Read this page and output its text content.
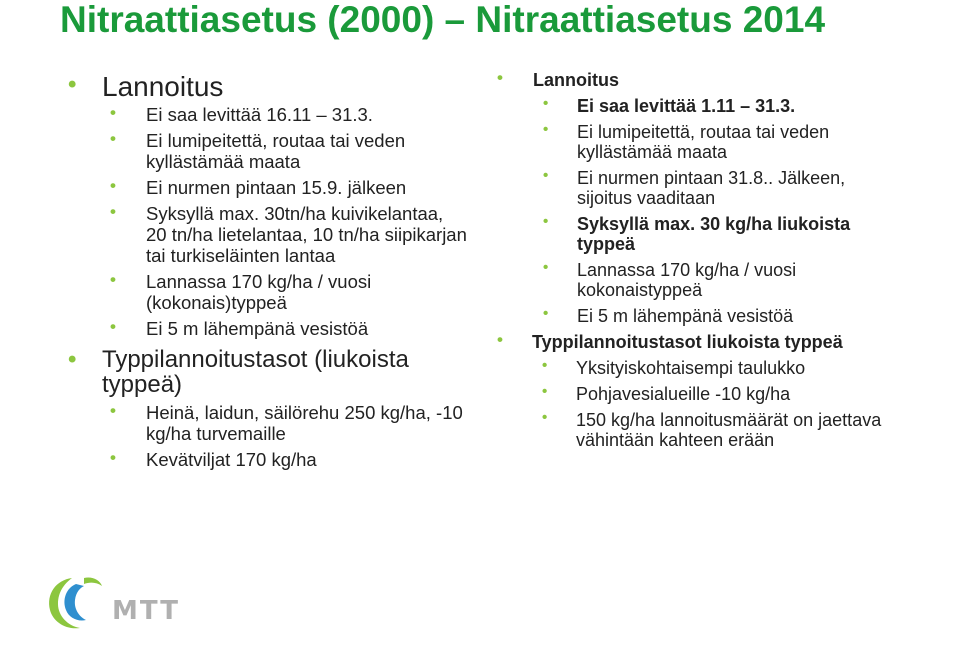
Nitraattiasetus (2000) – Nitraattiasetus 2014
• Lannoitus
• Ei saa levittää 16.11 – 31.3.
• Ei lumipeitettä, routaa tai veden kyllästämää maata
• Ei nurmen pintaan 15.9. jälkeen
• Syksyllä max. 30tn/ha kuivikelantaa, 20 tn/ha lietelantaa, 10 tn/ha siipikarjan tai turkiseläinten lantaa
• Lannassa 170 kg/ha / vuosi (kokonais)typpeä
• Ei 5 m lähempänä vesistöä
• Typpilannoitustasot (liukoista typpeä)
• Heinä, laidun, säilörehu 250 kg/ha, -10 kg/ha turvemaille
• Kevätviljat 170 kg/ha
• Lannoitus
• Ei saa levittää 1.11 – 31.3.
• Ei lumipeitettä, routaa tai veden kyllästämää maata
• Ei nurmen pintaan 31.8.. Jälkeen, sijoitus vaaditaan
• Syksyllä max. 30 kg/ha liukoista typpeä
• Lannassa 170 kg/ha / vuosi kokonaistyppeä
• Ei 5 m lähempänä vesistöä
• Typpilannoitustasot liukoista typpeä
• Yksityiskohtaisempi taulukko
• Pohjavesialueille -10 kg/ha
• 150 kg/ha lannoitusmäärät on jaettava vähintään kahteen erään
MTT
